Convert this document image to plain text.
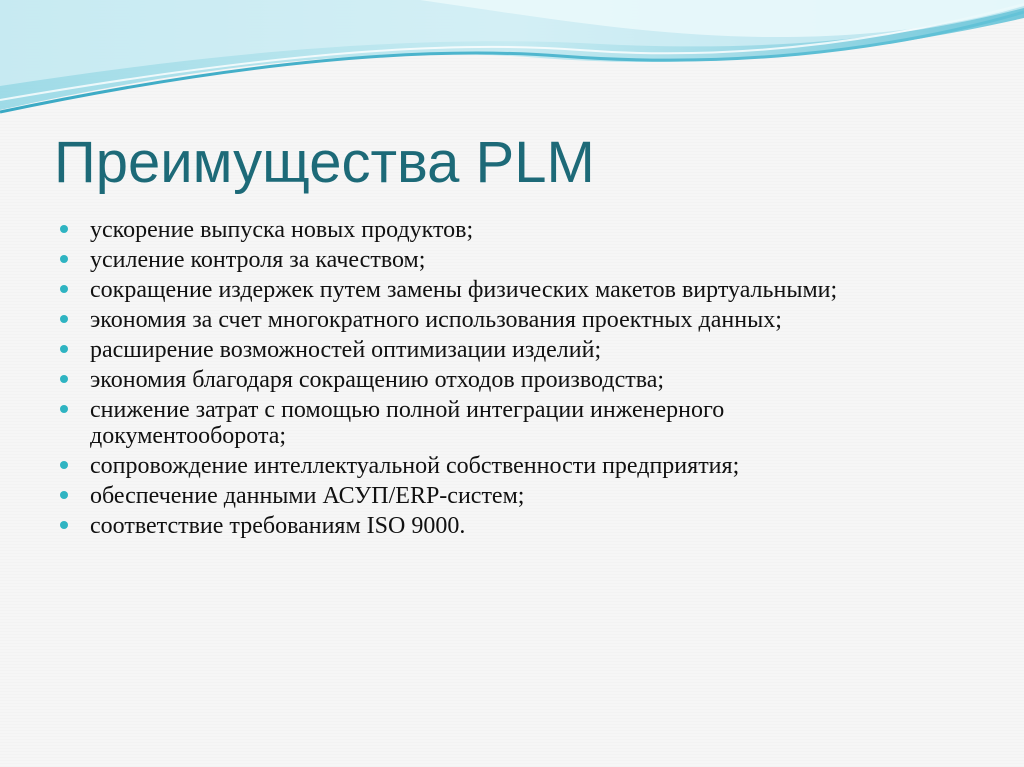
Преимущества PLM
ускорение выпуска новых продуктов;
усиление контроля за качеством;
сокращение издержек путем замены физических макетов виртуальными;
экономия за счет многократного использования проектных данных;
расширение возможностей оптимизации изделий;
экономия благодаря сокращению отходов производства;
снижение затрат с помощью полной интеграции инженерного документооборота;
сопровождение интеллектуальной собственности предприятия;
обеспечение данными АСУП/ERP-систем;
соответствие требованиям ISO 9000.
